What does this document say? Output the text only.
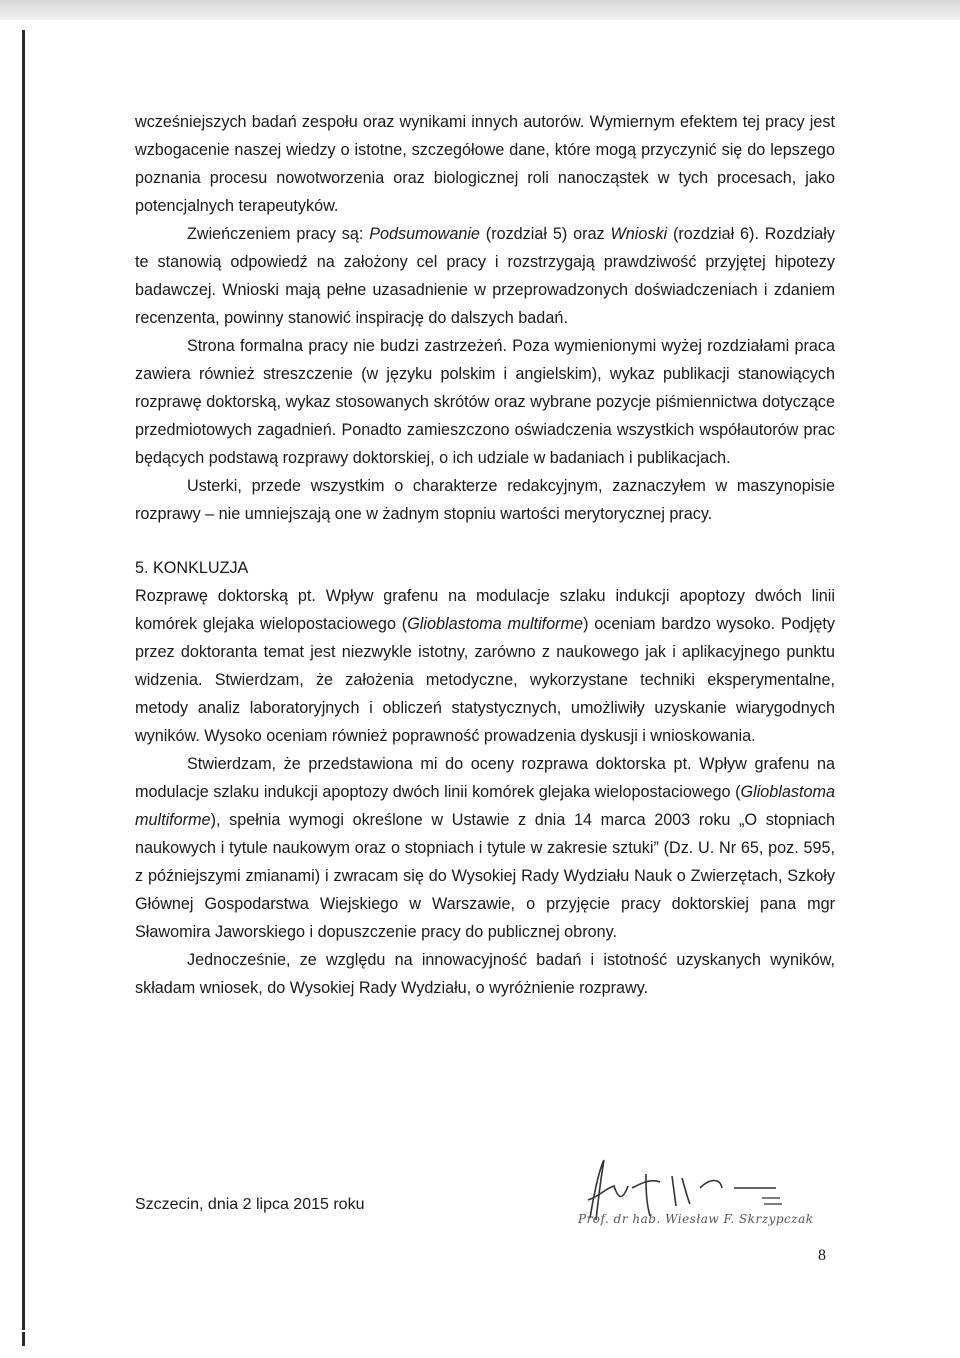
wcześniejszych badań zespołu oraz wynikami innych autorów. Wymiernym efektem tej pracy jest wzbogacenie naszej wiedzy o istotne, szczegółowe dane, które mogą przyczynić się do lepszego poznania procesu nowotworzenia oraz biologicznej roli nanocząstek w tych procesach, jako potencjalnych terapeutyków.

Zwieńczeniem pracy są: Podsumowanie (rozdział 5) oraz Wnioski (rozdział 6). Rozdziały te stanowią odpowiedź na założony cel pracy i rozstrzygają prawdziwość przyjętej hipotezy badawczej. Wnioski mają pełne uzasadnienie w przeprowadzonych doświadczeniach i zdaniem recenzenta, powinny stanowić inspirację do dalszych badań.

Strona formalna pracy nie budzi zastrzeżeń. Poza wymienionymi wyżej rozdziałami praca zawiera również streszczenie (w języku polskim i angielskim), wykaz publikacji stanowiących rozprawę doktorską, wykaz stosowanych skrótów oraz wybrane pozycje piśmiennictwa dotyczące przedmiotowych zagadnień. Ponadto zamieszczono oświadczenia wszystkich współautorów prac będących podstawą rozprawy doktorskiej, o ich udziale w badaniach i publikacjach.

Usterki, przede wszystkim o charakterze redakcyjnym, zaznaczyłem w maszynopisie rozprawy – nie umniejszają one w żadnym stopniu wartości merytorycznej pracy.

5. KONKLUZJA

Rozprawę doktorską pt. Wpływ grafenu na modulacje szlaku indukcji apoptozy dwóch linii komórek glejaka wielopostaciowego (Glioblastoma multiforme) oceniam bardzo wysoko. Podjęty przez doktoranta temat jest niezwykle istotny, zarówno z naukowego jak i aplikacyjnego punktu widzenia. Stwierdzam, że założenia metodyczne, wykorzystane techniki eksperymentalne, metody analiz laboratoryjnych i obliczeń statystycznych, umożliwiły uzyskanie wiarygodnych wyników. Wysoko oceniam również poprawność prowadzenia dyskusji i wnioskowania.

Stwierdzam, że przedstawiona mi do oceny rozprawa doktorska pt. Wpływ grafenu na modulacje szlaku indukcji apoptozy dwóch linii komórek glejaka wielopostaciowego (Glioblastoma multiforme), spełnia wymogi określone w Ustawie z dnia 14 marca 2003 roku „O stopniach naukowych i tytule naukowym oraz o stopniach i tytule w zakresie sztuki” (Dz. U. Nr 65, poz. 595, z późniejszymi zmianami) i zwracam się do Wysokiej Rady Wydziału Nauk o Zwierzętach, Szkoły Głównej Gospodarstwa Wiejskiego w Warszawie, o przyjęcie pracy doktorskiej pana mgr Sławomira Jaworskiego i dopuszczenie pracy do publicznej obrony.

Jednocześnie, ze względu na innowacyjność badań i istotność uzyskanych wyników, składam wniosek, do Wysokiej Rady Wydziału, o wyróżnienie rozprawy.

Szczecin, dnia 2 lipca 2015 roku
Prof. dr hab. Wiesław F. Skrzypczak
8
